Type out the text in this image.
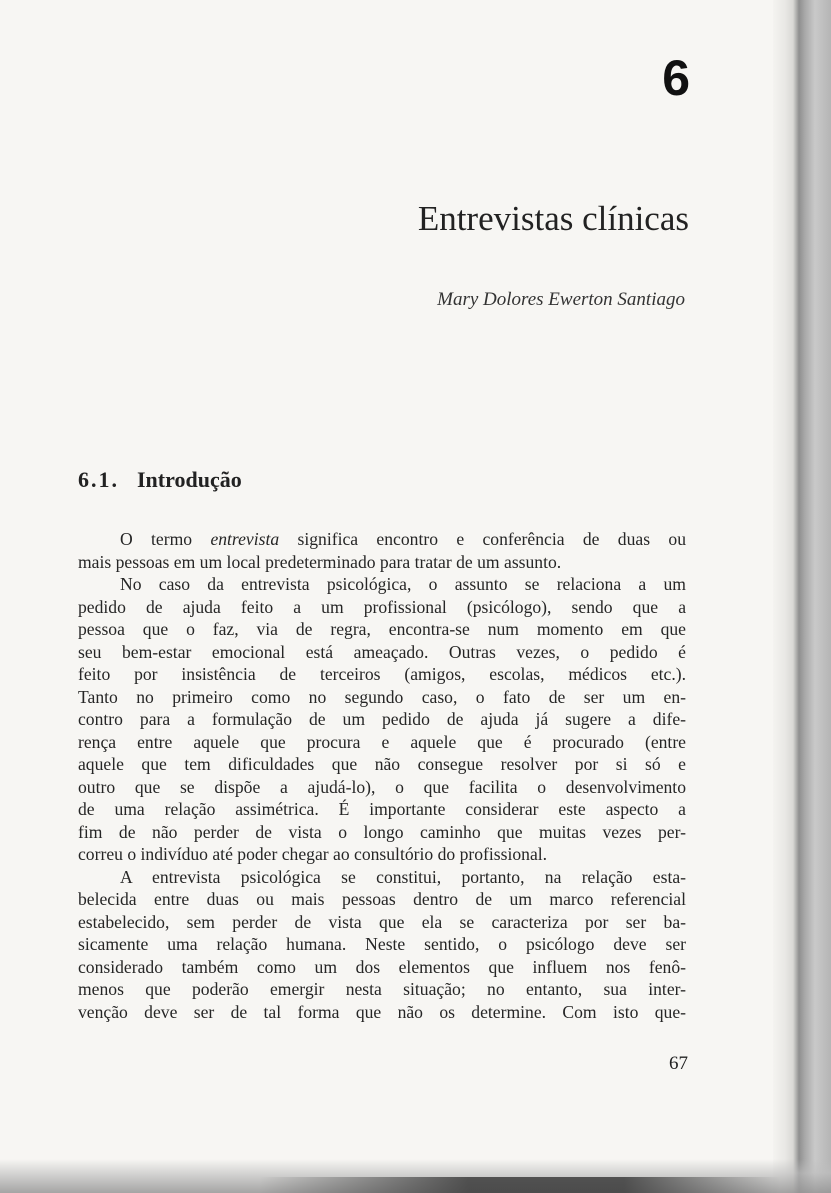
6
Entrevistas clínicas
Mary Dolores Ewerton Santiago
6.1. Introdução
O termo entrevista significa encontro e conferência de duas ou
mais pessoas em um local predeterminado para tratar de um assunto.
No caso da entrevista psicológica, o assunto se relaciona a um
pedido de ajuda feito a um profissional (psicólogo), sendo que a
pessoa que o faz, via de regra, encontra-se num momento em que
seu bem-estar emocional está ameaçado. Outras vezes, o pedido é
feito por insistência de terceiros (amigos, escolas, médicos etc.).
Tanto no primeiro como no segundo caso, o fato de ser um en-
contro para a formulação de um pedido de ajuda já sugere a dife-
rença entre aquele que procura e aquele que é procurado (entre
aquele que tem dificuldades que não consegue resolver por si só e
outro que se dispõe a ajudá-lo), o que facilita o desenvolvimento
de uma relação assimétrica. É importante considerar este aspecto a
fim de não perder de vista o longo caminho que muitas vezes per-
correu o indivíduo até poder chegar ao consultório do profissional.
A entrevista psicológica se constitui, portanto, na relação esta-
belecida entre duas ou mais pessoas dentro de um marco referencial
estabelecido, sem perder de vista que ela se caracteriza por ser ba-
sicamente uma relação humana. Neste sentido, o psicólogo deve ser
considerado também como um dos elementos que influem nos fenô-
menos que poderão emergir nesta situação; no entanto, sua inter-
venção deve ser de tal forma que não os determine. Com isto que-
67
